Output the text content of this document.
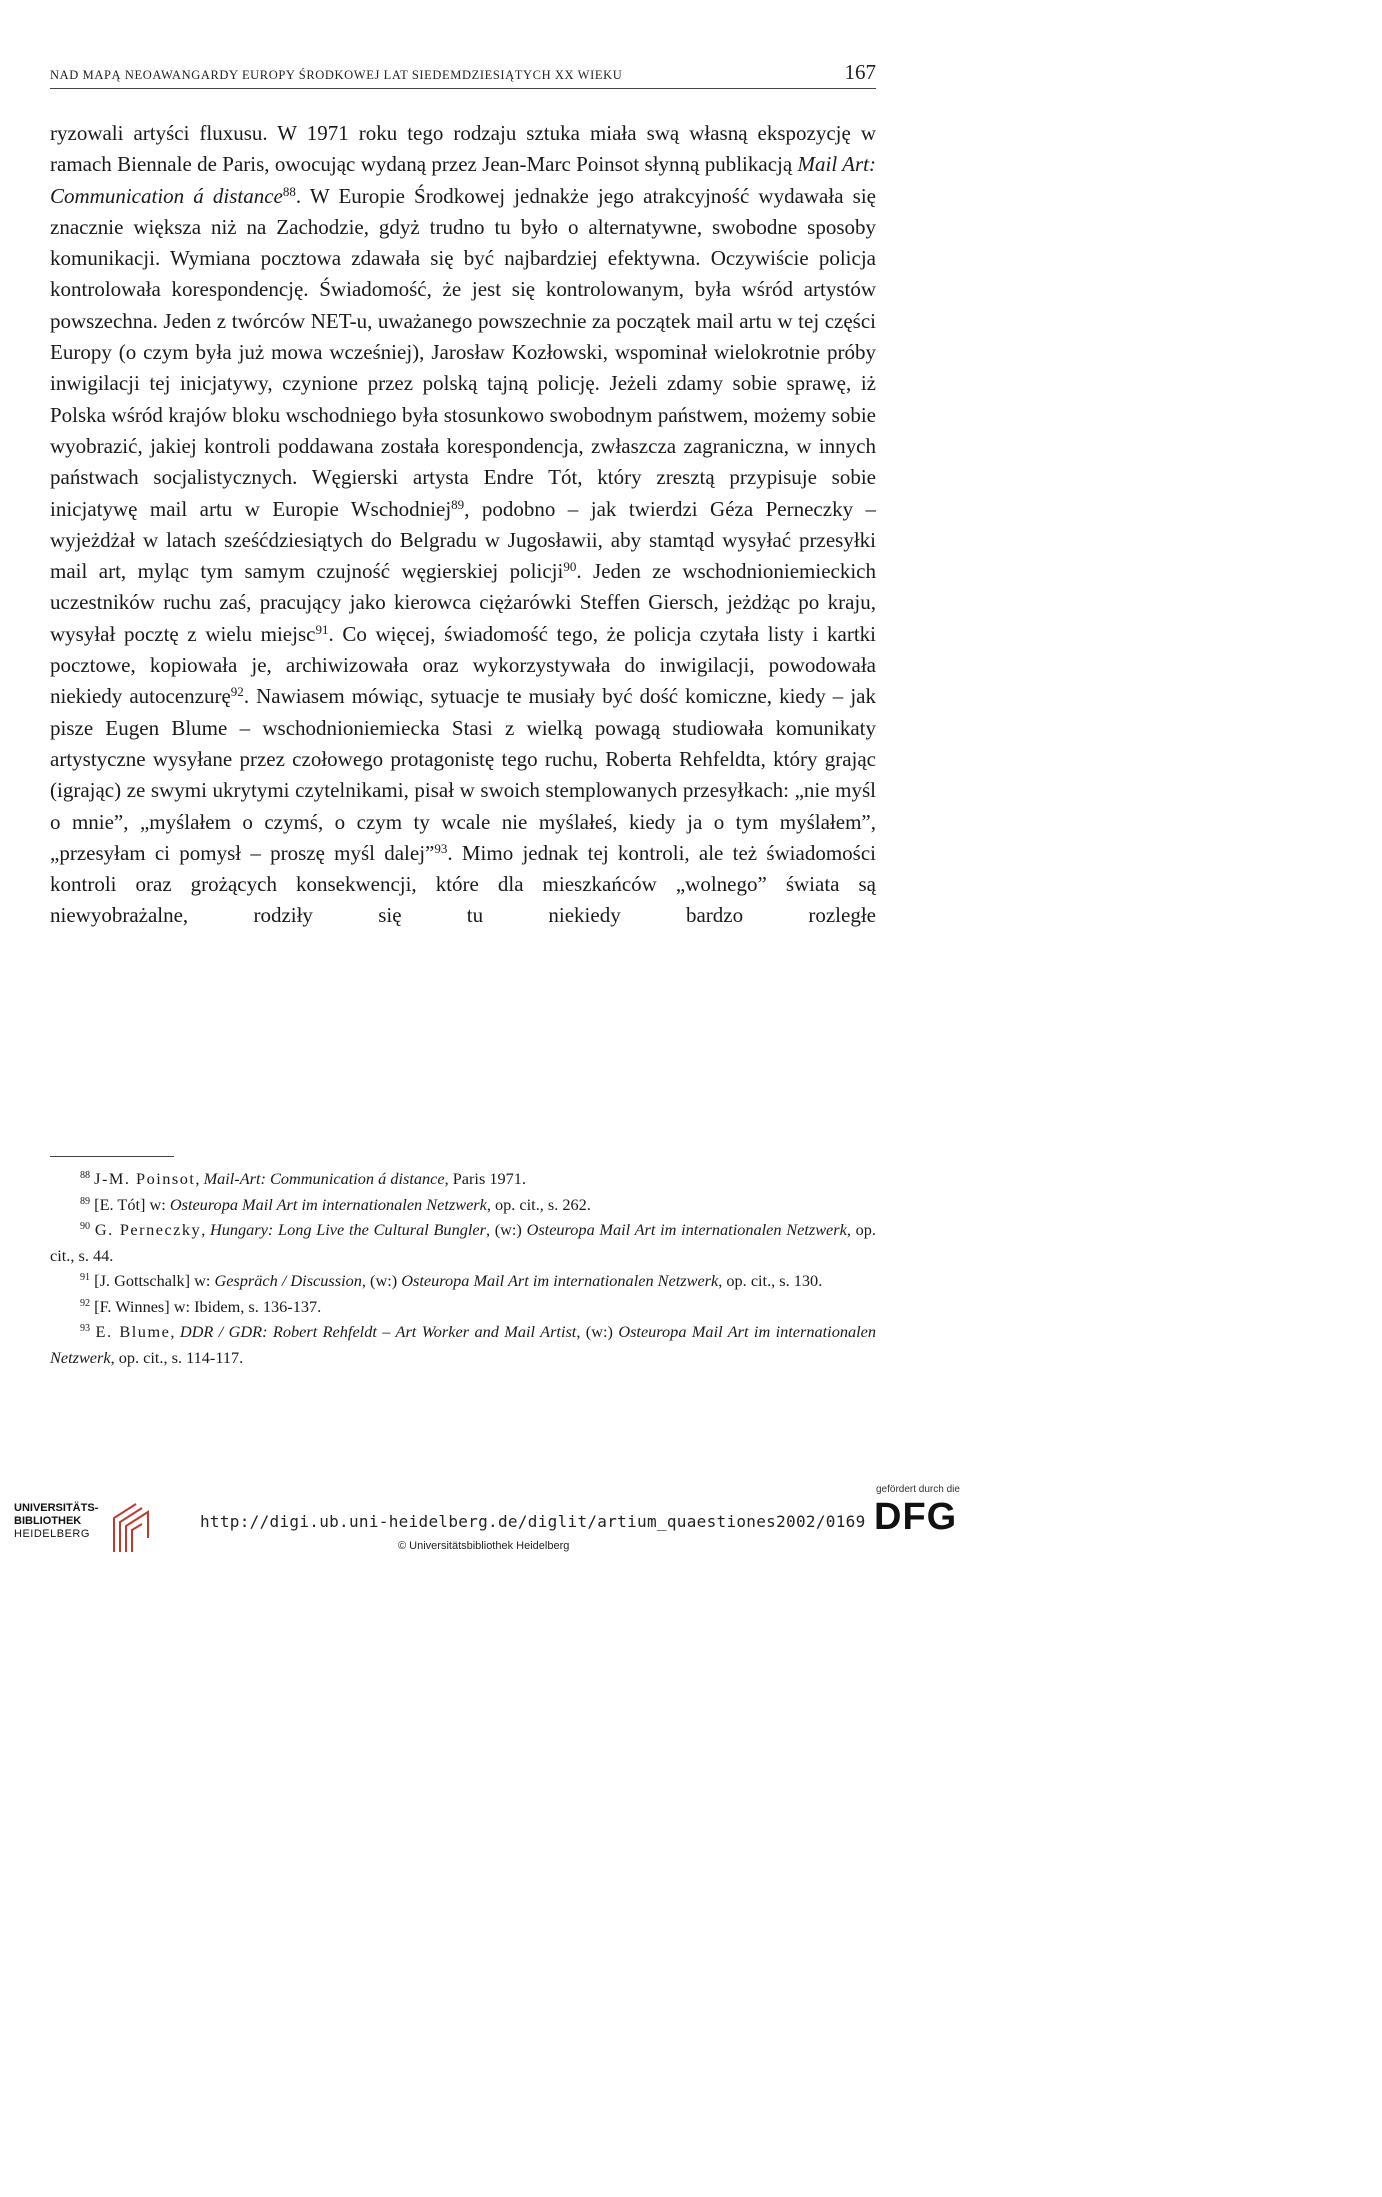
NAD MAPĄ NEOAWANGARDY EUROPY ŚRODKOWEJ LAT SIEDEMDZIESIĄTYCH XX WIEKU	167

ryzowali artyści fluxusu. W 1971 roku tego rodzaju sztuka miała swą własną ekspozycję w ramach Biennale de Paris, owocując wydaną przez Jean-Marc Poinsot słynną publikacją Mail Art: Communication á distance$^{88}$. W Europie Środkowej jednakże jego atrakcyjność wydawała się znacznie większa niż na Zachodzie, gdyż trudno tu było o alternatywne, swobodne sposoby komunikacji. Wymiana pocztowa zdawała się być najbardziej efektywna. Oczywiście policja kontrolowała korespondencję. Świadomość, że jest się kontrolowanym, była wśród artystów powszechna. Jeden z twórców NET-u, uważanego powszechnie za początek mail artu w tej części Europy (o czym była już mowa wcześniej), Jarosław Kozłowski, wspominał wielokrotnie próby inwigilacji tej inicjatywy, czynione przez polską tajną policję. Jeżeli zdamy sobie sprawę, iż Polska wśród krajów bloku wschodniego była stosunkowo swobodnym państwem, możemy sobie wyobrazić, jakiej kontroli poddawana została korespondencja, zwłaszcza zagraniczna, w innych państwach socjalistycznych. Węgierski artysta Endre Tót, który zresztą przypisuje sobie inicjatywę mail artu w Europie Wschodniej$^{89}$, podobno – jak twierdzi Géza Perneczky – wyjeżdżał w latach sześćdziesiątych do Belgradu w Jugosławii, aby stamtąd wysyłać przesyłki mail art, myląc tym samym czujność węgierskiej policji$^{90}$. Jeden ze wschodnioniemieckich uczestników ruchu zaś, pracujący jako kierowca ciężarówki Steffen Giersch, jeżdżąc po kraju, wysyłał pocztę z wielu miejsc$^{91}$. Co więcej, świadomość tego, że policja czytała listy i kartki pocztowe, kopiowała je, archiwizowała oraz wykorzystywała do inwigilacji, powodowała niekiedy autocenzurę$^{92}$. Nawiasem mówiąc, sytuacje te musiały być dość komiczne, kiedy – jak pisze Eugen Blume – wschodnioniemiecka Stasi z wielką powagą studiowała komunikaty artystyczne wysyłane przez czołowego protagonistę tego ruchu, Roberta Rehfeldta, który grając (igrając) ze swymi ukrytymi czytelnikami, pisał w swoich stemplowanych przesyłkach: „nie myśl o mnie”, „myślałem o czymś, o czym ty wcale nie myślałeś, kiedy ja o tym myślałem”, „przesyłam ci pomysł – proszę myśl dalej”$^{93}$. Mimo jednak tej kontroli, ale też świadomości kontroli oraz grożących konsekwencji, które dla mieszkańców „wolnego” świata są niewyobrażalne, rodziły się tu niekiedy bardzo rozległe

$^{88}$ J-M. Poinsot, Mail-Art: Communication á distance, Paris 1971.

$^{89}$ [E. Tót] w: Osteuropa Mail Art im internationalen Netzwerk, op. cit., s. 262.

$^{90}$ G. Perneczky, Hungary: Long Live the Cultural Bungler, (w:) Osteuropa Mail Art im internationalen Netzwerk, op. cit., s. 44.

$^{91}$ [J. Gottschalk] w: Gespräch / Discussion, (w:) Osteuropa Mail Art im internationalen Netzwerk, op. cit., s. 130.

$^{92}$ [F. Winnes] w: Ibidem, s. 136-137.

$^{93}$ E. Blume, DDR / GDR: Robert Rehfeldt – Art Worker and Mail Artist, (w:) Osteuropa Mail Art im internationalen Netzwerk, op. cit., s. 114-117.

UNIVERSITÄTS-
BIBLIOTHEK
HEIDELBERG
http://digi.ub.uni-heidelberg.de/diglit/artium_quaestiones2002/0169
© Universitätsbibliothek Heidelberg
gefördert durch die
DFG
